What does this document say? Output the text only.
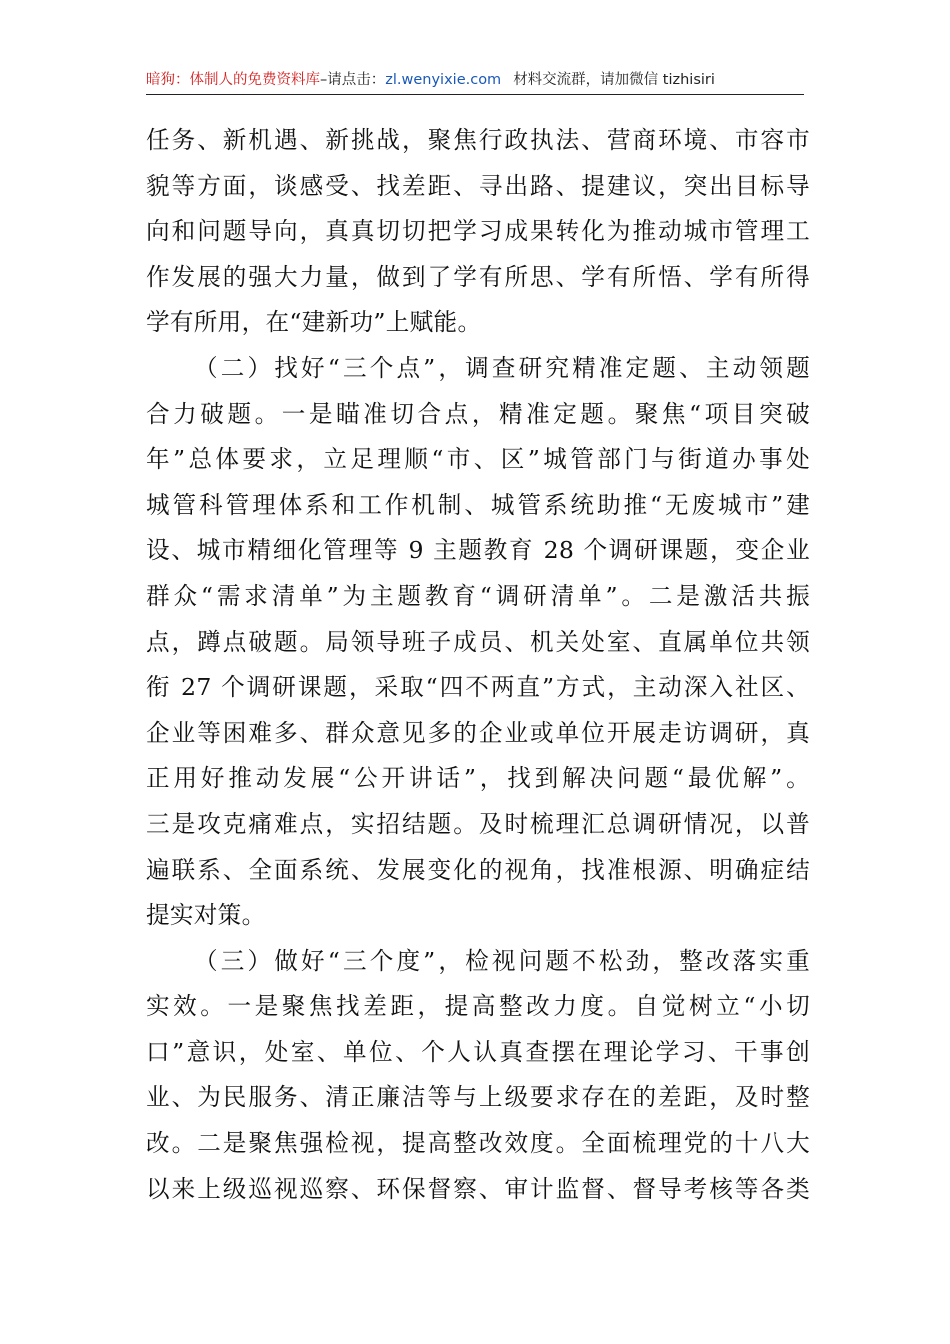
暗狗：体制人的免费资料库–请点击：zl.wenyixie.com 材料交流群，请加微信 tizhisiri
任务、新机遇、新挑战，聚焦行政执法、营商环境、市容市
貌等方面，谈感受、找差距、寻出路、提建议，突出目标导
向和问题导向，真真切切把学习成果转化为推动城市管理工
作发展的强大力量，做到了学有所思、学有所悟、学有所得
学有所用，在“建新功”上赋能。
（二）找好“三个点”，调查研究精准定题、主动领题
合力破题。一是瞄准切合点，精准定题。聚焦“项目突破
年”总体要求，立足理顺“市、区”城管部门与街道办事处
城管科管理体系和工作机制、城管系统助推“无废城市”建
设、城市精细化管理等 9 主题教育 28 个调研课题，变企业
群众“需求清单”为主题教育“调研清单”。二是激活共振
点，蹲点破题。局领导班子成员、机关处室、直属单位共领
衔 27 个调研课题，采取“四不两直”方式，主动深入社区、
企业等困难多、群众意见多的企业或单位开展走访调研，真
正用好推动发展“公开讲话”，找到解决问题“最优解”。
三是攻克痛难点，实招结题。及时梳理汇总调研情况，以普
遍联系、全面系统、发展变化的视角，找准根源、明确症结
提实对策。
（三）做好“三个度”，检视问题不松劲，整改落实重
实效。一是聚焦找差距，提高整改力度。自觉树立“小切
口”意识，处室、单位、个人认真查摆在理论学习、干事创
业、为民服务、清正廉洁等与上级要求存在的差距，及时整
改。二是聚焦强检视，提高整改效度。全面梳理党的十八大
以来上级巡视巡察、环保督察、审计监督、督导考核等各类
